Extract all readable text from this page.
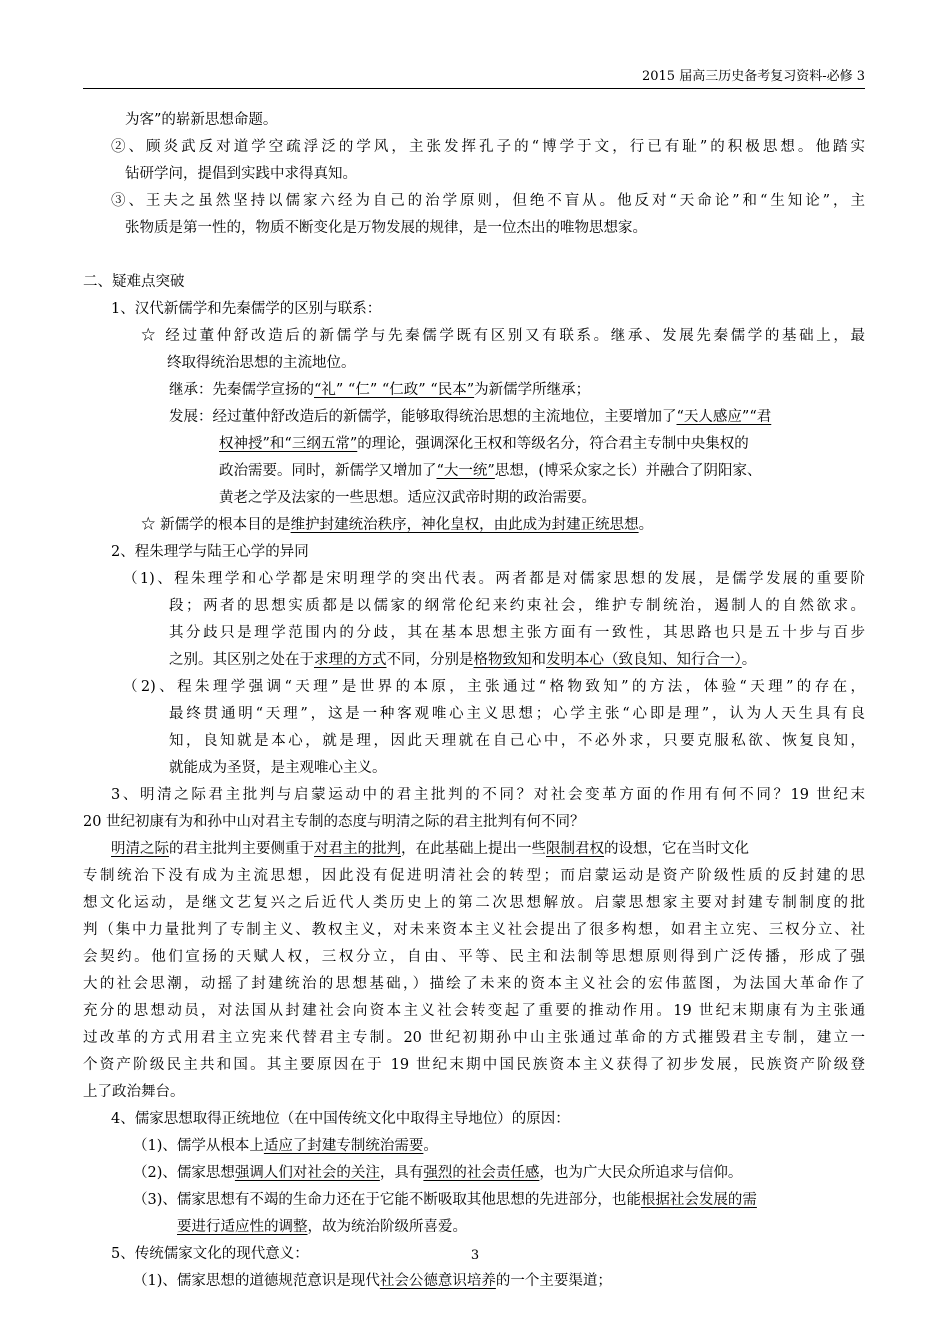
2015 届高三历史备考复习资料-必修 3
为客”的崭新思想命题。
②、顾炎武反对道学空疏浮泛的学风，主张发挥孔子的“博学于文，行已有耻”的积极思想。他踏实
钻研学问，提倡到实践中求得真知。
③、王夫之虽然坚持以儒家六经为自己的治学原则，但绝不盲从。他反对“天命论”和“生知论”，主
张物质是第一性的，物质不断变化是万物发展的规律，是一位杰出的唯物思想家。
二、疑难点突破
1、汉代新儒学和先秦儒学的区别与联系：
☆ 经过董仲舒改造后的新儒学与先秦儒学既有区别又有联系。继承、发展先秦儒学的基础上，最
终取得统治思想的主流地位。
继承：先秦儒学宣扬的“礼” “仁” “仁政” “民本”为新儒学所继承；
发展：经过董仲舒改造后的新儒学，能够取得统治思想的主流地位，主要增加了“天人感应”“君
权神授”和“三纲五常”的理论，强调深化王权和等级名分，符合君主专制中央集权的
政治需要。同时，新儒学又增加了“大一统”思想，(博采众家之长）并融合了阴阳家、
黄老之学及法家的一些思想。适应汉武帝时期的政治需要。
☆ 新儒学的根本目的是维护封建统治秩序，神化皇权，由此成为封建正统思想。
2、程朱理学与陆王心学的异同
（1)、程朱理学和心学都是宋明理学的突出代表。两者都是对儒家思想的发展，是儒学发展的重要阶
段；两者的思想实质都是以儒家的纲常伦纪来约束社会，维护专制统治，遏制人的自然欲求。
其分歧只是理学范围内的分歧，其在基本思想主张方面有一致性，其思路也只是五十步与百步
之别。其区别之处在于求理的方式不同，分别是格物致知和发明本心（致良知、知行合一）。
（2)、程朱理学强调“天理”是世界的本原，主张通过“格物致知”的方法，体验“天理”的存在，
最终贯通明“天理”，这是一种客观唯心主义思想；心学主张“心即是理”，认为人天生具有良
知，良知就是本心，就是理，因此天理就在自己心中，不必外求，只要克服私欲、恢复良知，
就能成为圣贤，是主观唯心主义。
3、明清之际君主批判与启蒙运动中的君主批判的不同？对社会变革方面的作用有何不同？19 世纪末
20 世纪初康有为和孙中山对君主专制的态度与明清之际的君主批判有何不同？
明清之际的君主批判主要侧重于对君主的批判，在此基础上提出一些限制君权的设想，它在当时文化
专制统治下没有成为主流思想，因此没有促进明清社会的转型；而启蒙运动是资产阶级性质的反封建的思
想文化运动，是继文艺复兴之后近代人类历史上的第二次思想解放。启蒙思想家主要对封建专制制度的批
判（集中力量批判了专制主义、教权主义，对未来资本主义社会提出了很多构想，如君主立宪、三权分立、社
会契约。他们宣扬的天赋人权，三权分立，自由、平等、民主和法制等思想原则得到广泛传播，形成了强
大的社会思潮，动摇了封建统治的思想基础，）描绘了未来的资本主义社会的宏伟蓝图，为法国大革命作了
充分的思想动员，对法国从封建社会向资本主义社会转变起了重要的推动作用。19 世纪末期康有为主张通
过改革的方式用君主立宪来代替君主专制。20 世纪初期孙中山主张通过革命的方式摧毁君主专制，建立一
个资产阶级民主共和国。其主要原因在于 19 世纪末期中国民族资本主义获得了初步发展，民族资产阶级登
上了政治舞台。
4、儒家思想取得正统地位（在中国传统文化中取得主导地位）的原因：
（1)、儒学从根本上适应了封建专制统治需要。
（2)、儒家思想强调人们对社会的关注，具有强烈的社会责任感，也为广大民众所追求与信仰。
（3)、儒家思想有不竭的生命力还在于它能不断吸取其他思想的先进部分，也能根据社会发展的需
要进行适应性的调整，故为统治阶级所喜爱。
5、传统儒家文化的现代意义：
（1)、儒家思想的道德规范意识是现代社会公德意识培养的一个主要渠道；
3
